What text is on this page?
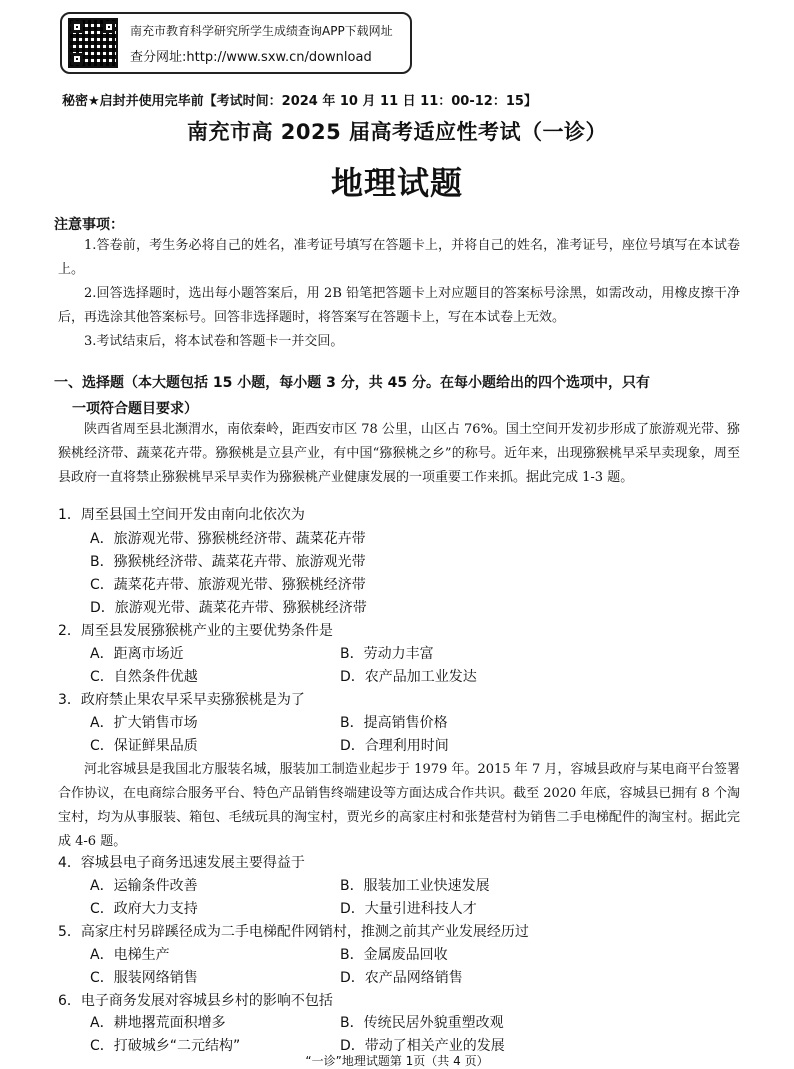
南充市教育科学研究所学生成绩查询APP下载网址
查分网址:http://www.sxw.cn/download
秘密★启封并使用完毕前【考试时间：2024 年 10 月 11 日 11：00-12：15】
南充市高 2025 届高考适应性考试（一诊）
地理试题
注意事项：
1.答卷前，考生务必将自己的姓名，准考证号填写在答题卡上，并将自己的姓名，准考证号，座位号填写在本试卷上。
2.回答选择题时，选出每小题答案后，用 2B 铅笔把答题卡上对应题目的答案标号涂黑，如需改动，用橡皮擦干净后，再选涂其他答案标号。回答非选择题时，将答案写在答题卡上，写在本试卷上无效。
3.考试结束后，将本试卷和答题卡一并交回。
一、选择题（本大题包括 15 小题，每小题 3 分，共 45 分。在每小题给出的四个选项中，只有
一项符合题目要求）
陕西省周至县北濒渭水，南依秦岭，距西安市区 78 公里，山区占 76%。国土空间开发初步形成了旅游观光带、猕猴桃经济带、蔬菜花卉带。猕猴桃是立县产业，有中国“猕猴桃之乡”的称号。近年来，出现猕猴桃早采早卖现象，周至县政府一直将禁止猕猴桃早采早卖作为猕猴桃产业健康发展的一项重要工作来抓。据此完成 1-3 题。
1．周至县国土空间开发由南向北依次为
A．旅游观光带、猕猴桃经济带、蔬菜花卉带
B．猕猴桃经济带、蔬菜花卉带、旅游观光带
C．蔬菜花卉带、旅游观光带、猕猴桃经济带
D．旅游观光带、蔬菜花卉带、猕猴桃经济带
2．周至县发展猕猴桃产业的主要优势条件是
A．距离市场近	B．劳动力丰富
C．自然条件优越	D．农产品加工业发达
3．政府禁止果农早采早卖猕猴桃是为了
A．扩大销售市场	B．提高销售价格
C．保证鲜果品质	D．合理利用时间
河北容城县是我国北方服装名城，服装加工制造业起步于 1979 年。2015 年 7 月，容城县政府与某电商平台签署合作协议，在电商综合服务平台、特色产品销售终端建设等方面达成合作共识。截至 2020 年底，容城县已拥有 8 个淘宝村，均为从事服装、箱包、毛绒玩具的淘宝村，贾光乡的高家庄村和张楚营村为销售二手电梯配件的淘宝村。据此完成 4-6 题。
4．容城县电子商务迅速发展主要得益于
A．运输条件改善	B．服装加工业快速发展
C．政府大力支持	D．大量引进科技人才
5．高家庄村另辟蹊径成为二手电梯配件网销村，推测之前其产业发展经历过
A．电梯生产	B．金属废品回收
C．服装网络销售	D．农产品网络销售
6．电子商务发展对容城县乡村的影响不包括
A．耕地撂荒面积增多	B．传统民居外貌重塑改观
C．打破城乡“二元结构”	D．带动了相关产业的发展
“一诊”地理试题第 1页（共 4 页）
